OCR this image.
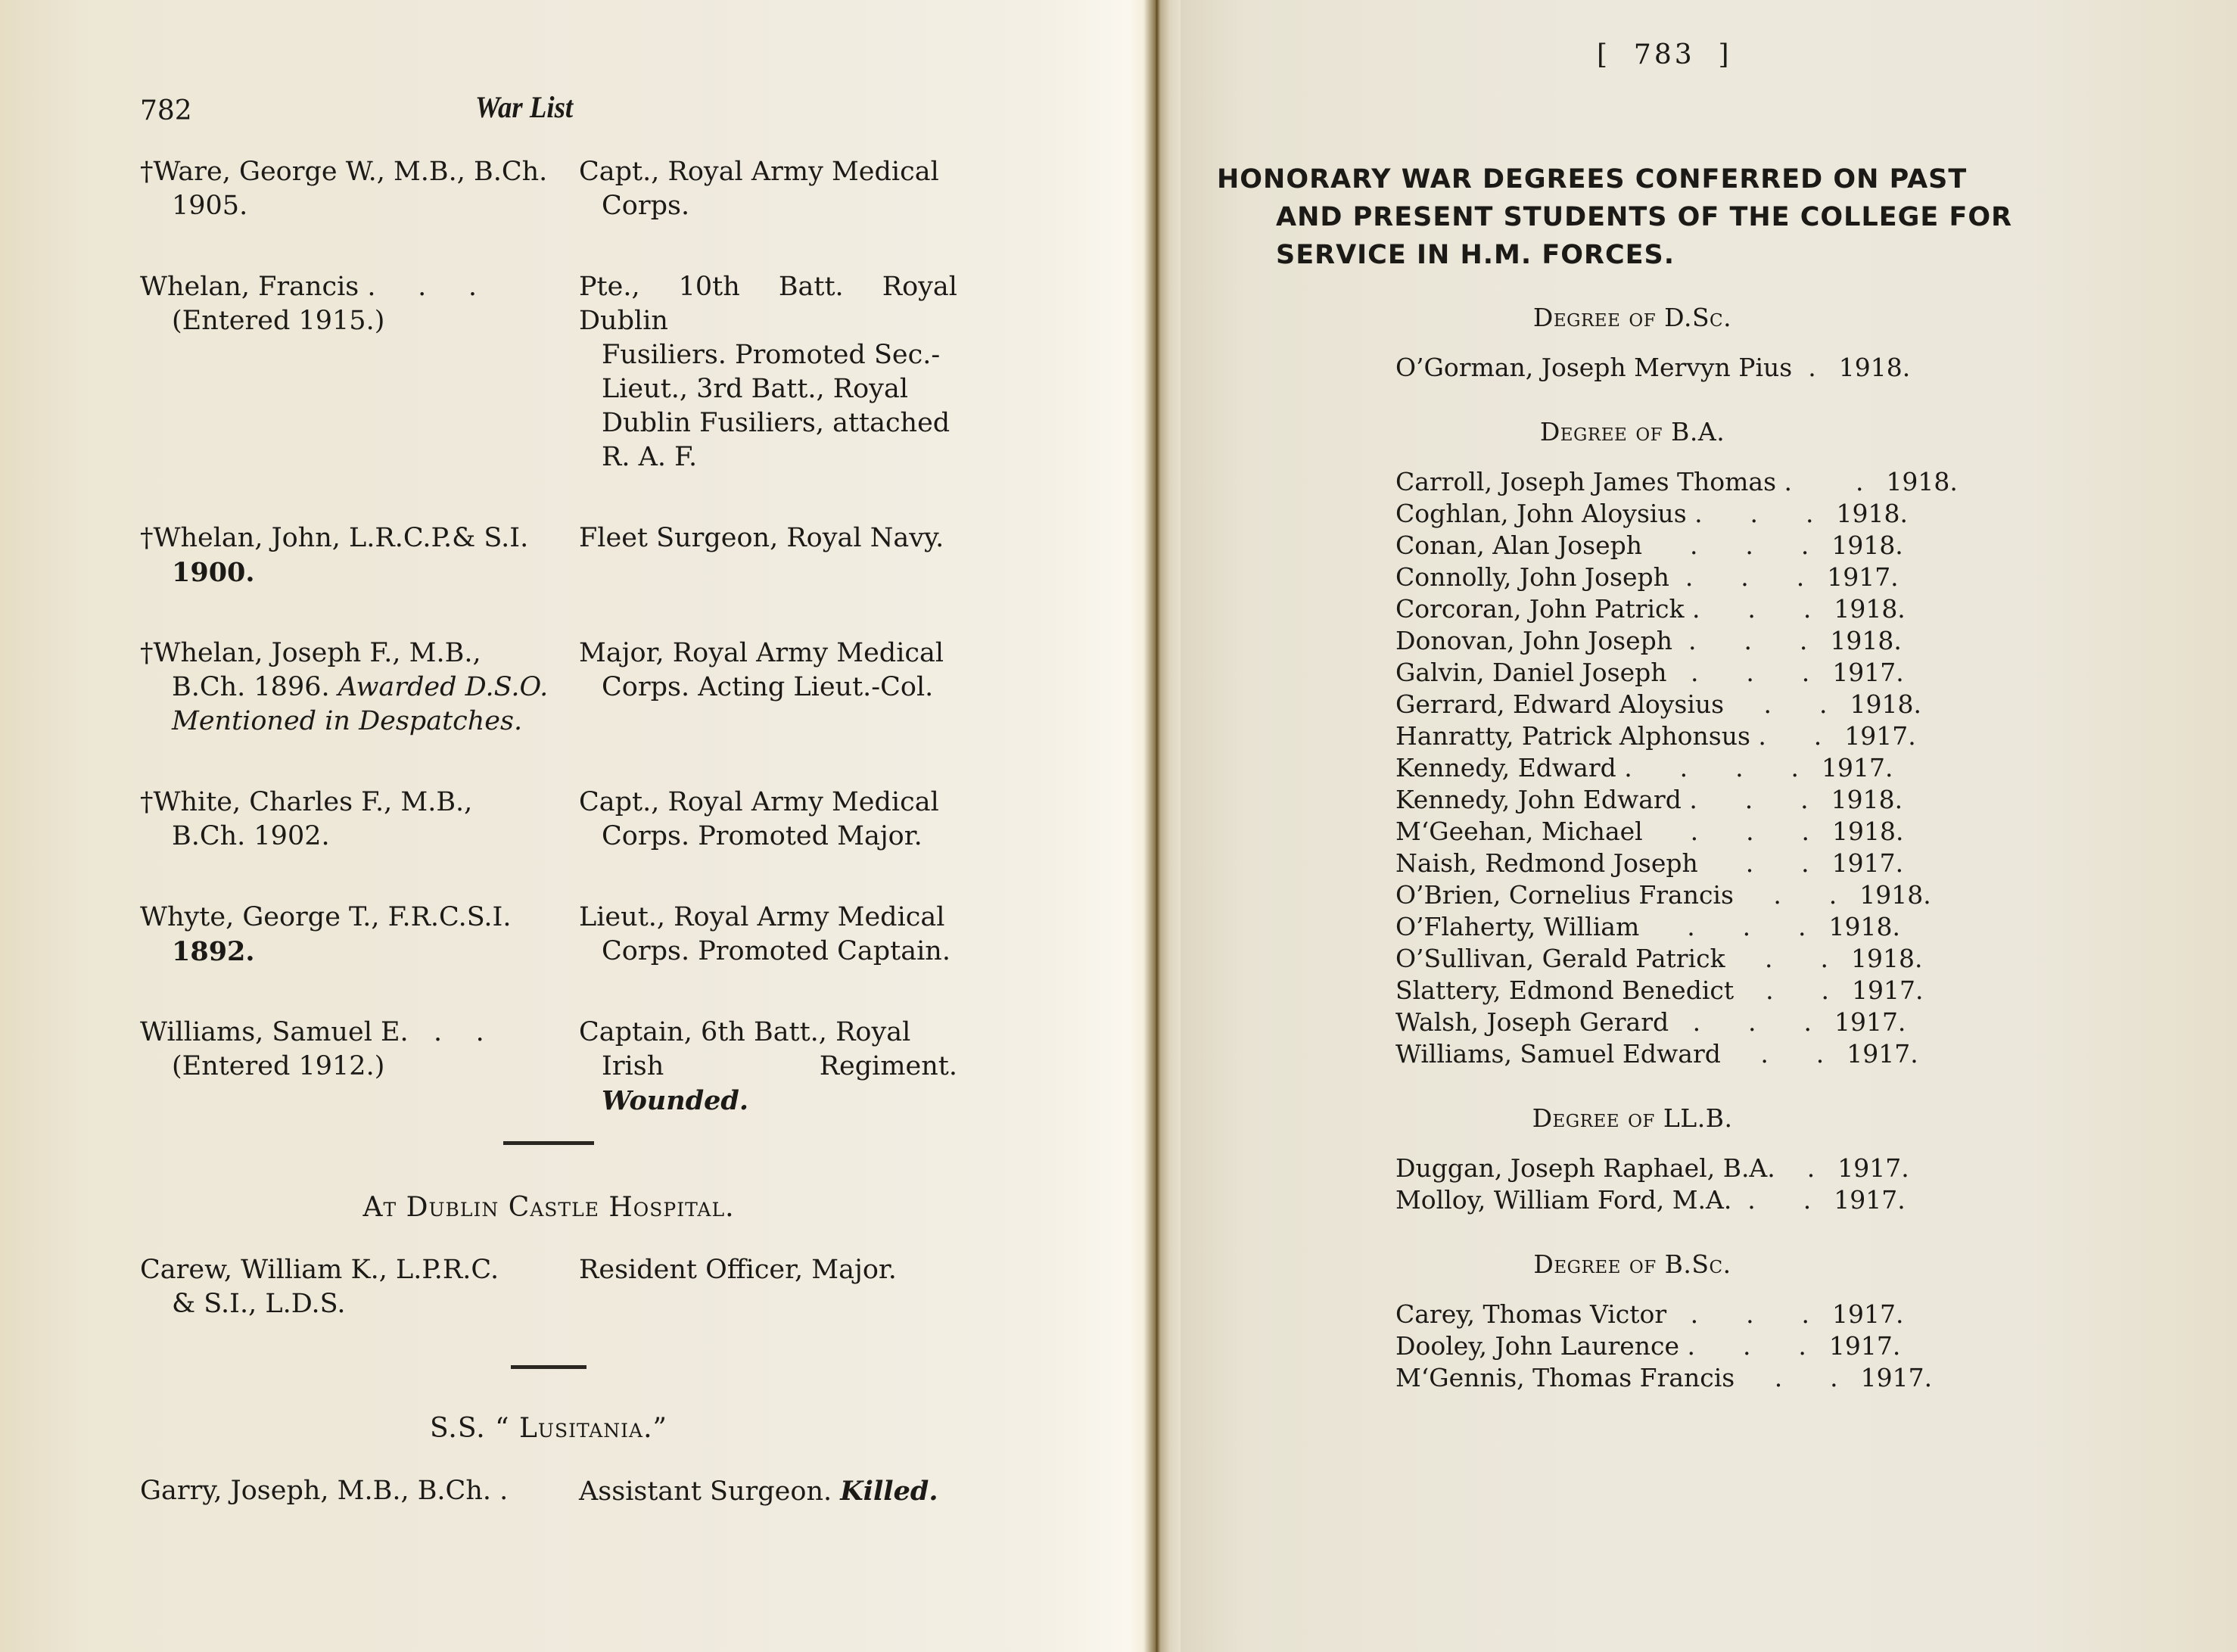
782	War List
†Ware, George W., M.B., B.Ch.
1905.
Capt., Royal Army Medical
Corps.
Whelan, Francis .     .     .
(Entered 1915.)
Pte., 10th Batt. Royal Dublin
Fusiliers. Promoted Sec.-
Lieut., 3rd Batt., Royal
Dublin Fusiliers, attached
R. A. F.
†Whelan, John, L.R.C.P.& S.I.
1900.
Fleet Surgeon, Royal Navy.
†Whelan, Joseph F., M.B.,
B.Ch. 1896. Awarded D.S.O.
Mentioned in Despatches.
Major, Royal Army Medical
Corps. Acting Lieut.-Col.
†White, Charles F., M.B.,
B.Ch. 1902.
Capt., Royal Army Medical
Corps. Promoted Major.
Whyte, George T., F.R.C.S.I.
1892.
Lieut., Royal Army Medical
Corps. Promoted Captain.
Williams, Samuel E.   .    .
(Entered 1912.)
Captain, 6th Batt., Royal
Irish Regiment. Wounded.
At Dublin Castle Hospital.
Carew, William K., L.P.R.C.
& S.I., L.D.S.
Resident Officer, Major.
S.S. “ Lusitania.”
Garry, Joseph, M.B., B.Ch. .	Assistant Surgeon. Killed.
[  783  ]
HONORARY WAR DEGREES CONFERRED ON PAST
AND PRESENT STUDENTS OF THE COLLEGE FOR
SERVICE IN H.M. FORCES.
Degree of D.Sc.
O’Gorman, Joseph Mervyn Pius . 1918.
Degree of B.A.
Carroll, Joseph James Thomas .        . 1918.
Coghlan, John Aloysius .      .      . 1918.
Conan, Alan Joseph .      .      . 1918.
Connolly, John Joseph .      .      . 1917.
Corcoran, John Patrick .      .      . 1918.
Donovan, John Joseph .      .      . 1918.
Galvin, Daniel Joseph .      .      . 1917.
Gerrard, Edward Aloysius .      . 1918.
Hanratty, Patrick Alphonsus .      . 1917.
Kennedy, Edward .      .      .      . 1917.
Kennedy, John Edward .      .      . 1918.
M‘Geehan, Michael .      .      . 1918.
Naish, Redmond Joseph .      . 1917.
O’Brien, Cornelius Francis .      . 1918.
O’Flaherty, William .      .      . 1918.
O’Sullivan, Gerald Patrick .      . 1918.
Slattery, Edmond Benedict .      . 1917.
Walsh, Joseph Gerard .      .      . 1917.
Williams, Samuel Edward .      . 1917.
Degree of LL.B.
Duggan, Joseph Raphael, B.A. . 1917.
Molloy, William Ford, M.A. .      . 1917.
Degree of B.Sc.
Carey, Thomas Victor .      .      . 1917.
Dooley, John Laurence .      .      . 1917.
M‘Gennis, Thomas Francis .      . 1917.
